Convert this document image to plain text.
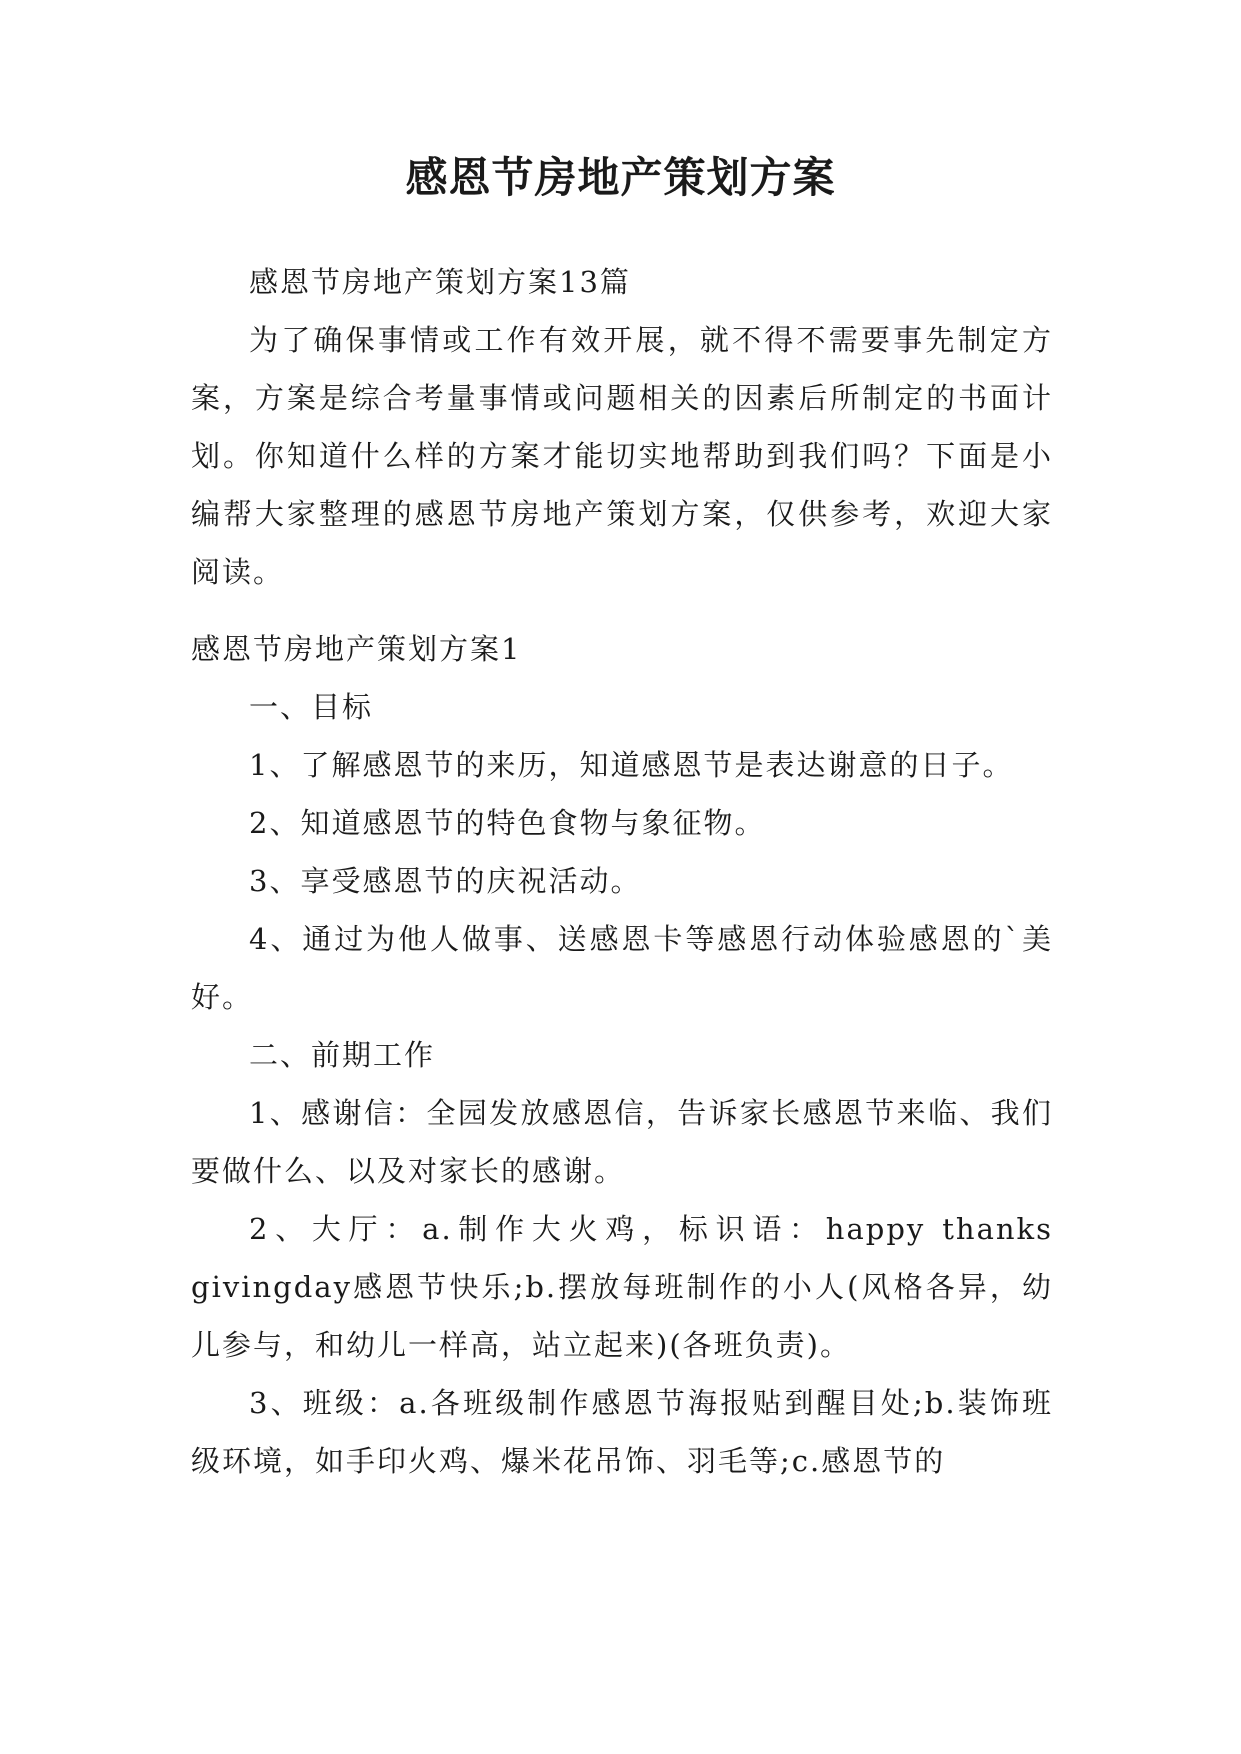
感恩节房地产策划方案

感恩节房地产策划方案13篇

为了确保事情或工作有效开展，就不得不需要事先制定方案，方案是综合考量事情或问题相关的因素后所制定的书面计划。你知道什么样的方案才能切实地帮助到我们吗？下面是小编帮大家整理的感恩节房地产策划方案，仅供参考，欢迎大家阅读。

感恩节房地产策划方案1

一、目标

1、了解感恩节的来历，知道感恩节是表达谢意的日子。

2、知道感恩节的特色食物与象征物。

3、享受感恩节的庆祝活动。

4、通过为他人做事、送感恩卡等感恩行动体验感恩的`美好。

二、前期工作

1、感谢信：全园发放感恩信，告诉家长感恩节来临、我们要做什么、以及对家长的感谢。

2、大厅：a.制作大火鸡，标识语：happy thanks givingday感恩节快乐;b.摆放每班制作的小人(风格各异，幼儿参与，和幼儿一样高，站立起来)(各班负责)。

3、班级：a.各班级制作感恩节海报贴到醒目处;b.装饰班级环境，如手印火鸡、爆米花吊饰、羽毛等;c.感恩节的
